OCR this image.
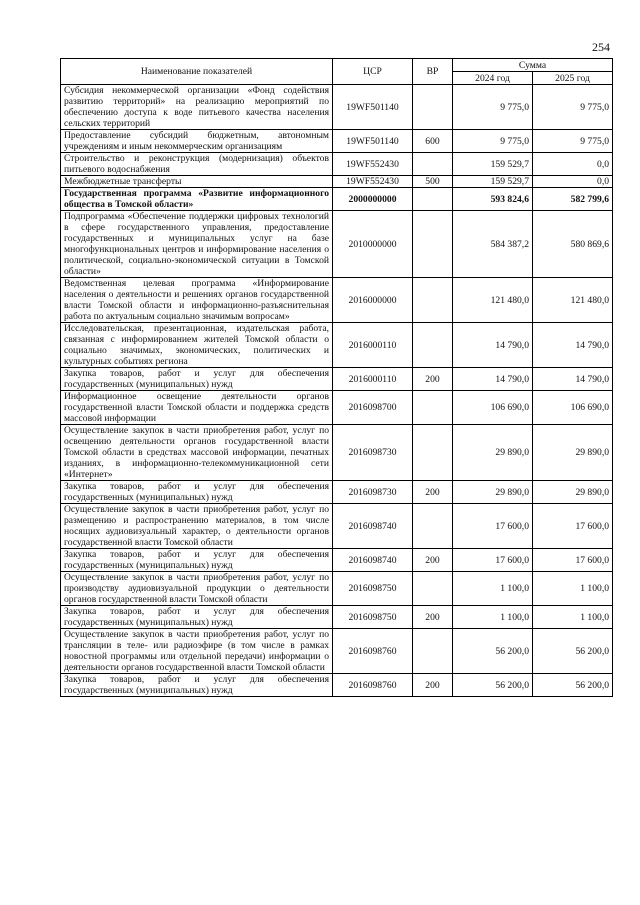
254
Наименование показателей	ЦСР	ВР	Сумма	
			2024 год	2025 год
Субсидия некоммерческой организации «Фонд содействия развитию территорий» на реализацию мероприятий по обеспечению доступа к воде питьевого качества населения сельских территорий	19WF501140		9 775,0	9 775,0
Предоставление субсидий бюджетным, автономным учреждениям и иным некоммерческим организациям	19WF501140	600	9 775,0	9 775,0
Строительство и реконструкция (модернизация) объектов питьевого водоснабжения	19WF552430		159 529,7	0,0
Межбюджетные трансферты	19WF552430	500	159 529,7	0,0
Государственная программа «Развитие информационного общества в Томской области»	2000000000		593 824,6	582 799,6
Подпрограмма «Обеспечение поддержки цифровых технологий в сфере государственного управления, предоставление государственных и муниципальных услуг на базе многофункциональных центров и информирование населения о политической, социально-экономической ситуации в Томской области»	2010000000		584 387,2	580 869,6
Ведомственная целевая программа «Информирование населения о деятельности и решениях органов государственной власти Томской области и информационно-разъяснительная работа по актуальным социально значимым вопросам»	2016000000		121 480,0	121 480,0
Исследовательская, презентационная, издательская работа, связанная с информированием жителей Томской области о социально значимых, экономических, политических и культурных событиях региона	2016000110		14 790,0	14 790,0
Закупка товаров, работ и услуг для обеспечения государственных (муниципальных) нужд	2016000110	200	14 790,0	14 790,0
Информационное освещение деятельности органов государственной власти Томской области и поддержка средств массовой информации	2016098700		106 690,0	106 690,0
Осуществление закупок в части приобретения работ, услуг по освещению деятельности органов государственной власти Томской области в средствах массовой информации, печатных изданиях, в информационно-телекоммуникационной сети «Интернет»	2016098730		29 890,0	29 890,0
Закупка товаров, работ и услуг для обеспечения государственных (муниципальных) нужд	2016098730	200	29 890,0	29 890,0
Осуществление закупок в части приобретения работ, услуг по размещению и распространению материалов, в том числе носящих аудиовизуальный характер, о деятельности органов государственной власти Томской области	2016098740		17 600,0	17 600,0
Закупка товаров, работ и услуг для обеспечения государственных (муниципальных) нужд	2016098740	200	17 600,0	17 600,0
Осуществление закупок в части приобретения работ, услуг по производству аудиовизуальной продукции о деятельности органов государственной власти Томской области	2016098750		1 100,0	1 100,0
Закупка товаров, работ и услуг для обеспечения государственных (муниципальных) нужд	2016098750	200	1 100,0	1 100,0
Осуществление закупок в части приобретения работ, услуг по трансляции в теле- или радиоэфире (в том числе в рамках новостной программы или отдельной передачи) информации о деятельности органов государственной власти Томской области	2016098760		56 200,0	56 200,0
Закупка товаров, работ и услуг для обеспечения государственных (муниципальных) нужд	2016098760	200	56 200,0	56 200,0
